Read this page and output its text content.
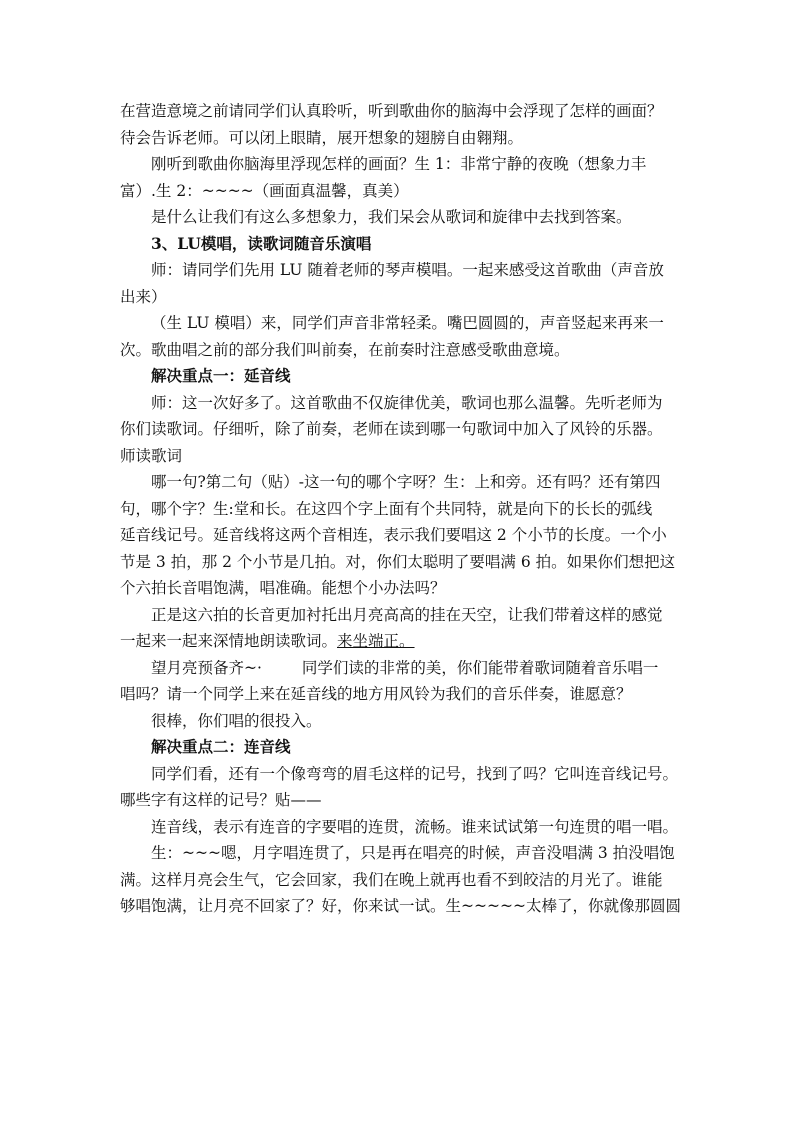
在营造意境之前请同学们认真聆听，听到歌曲你的脑海中会浮现了怎样的画面？
待会告诉老师。可以闭上眼睛，展开想象的翅膀自由翱翔。
刚听到歌曲你脑海里浮现怎样的画面？生 1：非常宁静的夜晚（想象力丰
富）.生 2：~~~~（画面真温馨，真美）
是什么让我们有这么多想象力，我们呆会从歌词和旋律中去找到答案。
3、LU模唱，读歌词随音乐演唱
师：请同学们先用 LU 随着老师的琴声模唱。一起来感受这首歌曲（声音放
出来）
（生 LU 模唱）来，同学们声音非常轻柔。嘴巴圆圆的，声音竖起来再来一
次。歌曲唱之前的部分我们叫前奏，在前奏时注意感受歌曲意境。
解决重点一：延音线
师：这一次好多了。这首歌曲不仅旋律优美，歌词也那么温馨。先听老师为
你们读歌词。仔细听，除了前奏，老师在读到哪一句歌词中加入了风铃的乐器。
师读歌词
哪一句?第二句（贴）-这一句的哪个字呀？生：上和旁。还有吗？还有第四
句，哪个字？生:堂和长。在这四个字上面有个共同特，就是向下的长长的弧线
延音线记号。延音线将这两个音相连，表示我们要唱这 2 个小节的长度。一个小
节是 3 拍，那 2 个小节是几拍。对，你们太聪明了要唱满 6 拍。如果你们想把这
个六拍长音唱饱满，唱准确。能想个小办法吗？
正是这六拍的长音更加衬托出月亮高高的挂在天空，让我们带着这样的感觉
一起来一起来深情地朗读歌词。来坐端正。
望月亮预备齐~·	同学们读的非常的美，你们能带着歌词随着音乐唱一
唱吗？请一个同学上来在延音线的地方用风铃为我们的音乐伴奏，谁愿意？
很棒，你们唱的很投入。
解决重点二：连音线
同学们看，还有一个像弯弯的眉毛这样的记号，找到了吗？它叫连音线记号。
哪些字有这样的记号？贴——
连音线，表示有连音的字要唱的连贯，流畅。谁来试试第一句连贯的唱一唱。
生：~~~嗯，月字唱连贯了，只是再在唱亮的时候，声音没唱满 3 拍没唱饱
满。这样月亮会生气，它会回家，我们在晚上就再也看不到皎洁的月光了。谁能
够唱饱满，让月亮不回家了？好，你来试一试。生~~~~~太棒了，你就像那圆圆
